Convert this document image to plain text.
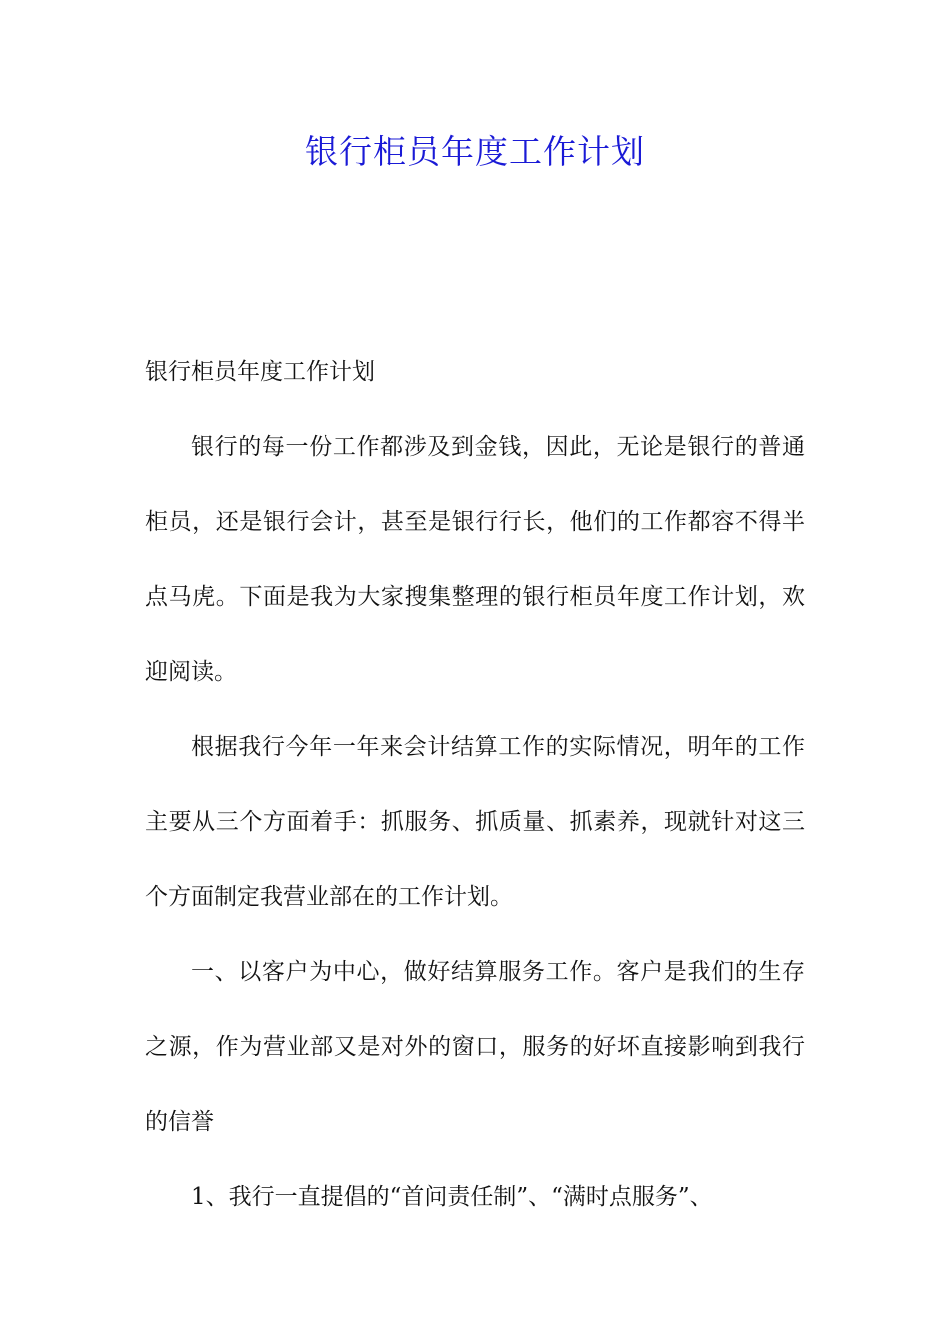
银行柜员年度工作计划

银行柜员年度工作计划

银行的每一份工作都涉及到金钱，因此，无论是银行的普通柜员，还是银行会计，甚至是银行行长，他们的工作都容不得半点马虎。下面是我为大家搜集整理的银行柜员年度工作计划，欢迎阅读。

根据我行今年一年来会计结算工作的实际情况，明年的工作主要从三个方面着手：抓服务、抓质量、抓素养，现就针对这三个方面制定我营业部在的工作计划。

一、以客户为中心，做好结算服务工作。客户是我们的生存之源，作为营业部又是对外的窗口，服务的好坏直接影响到我行的信誉

1、我行一直提倡的“首问责任制”、“满时点服务”、
